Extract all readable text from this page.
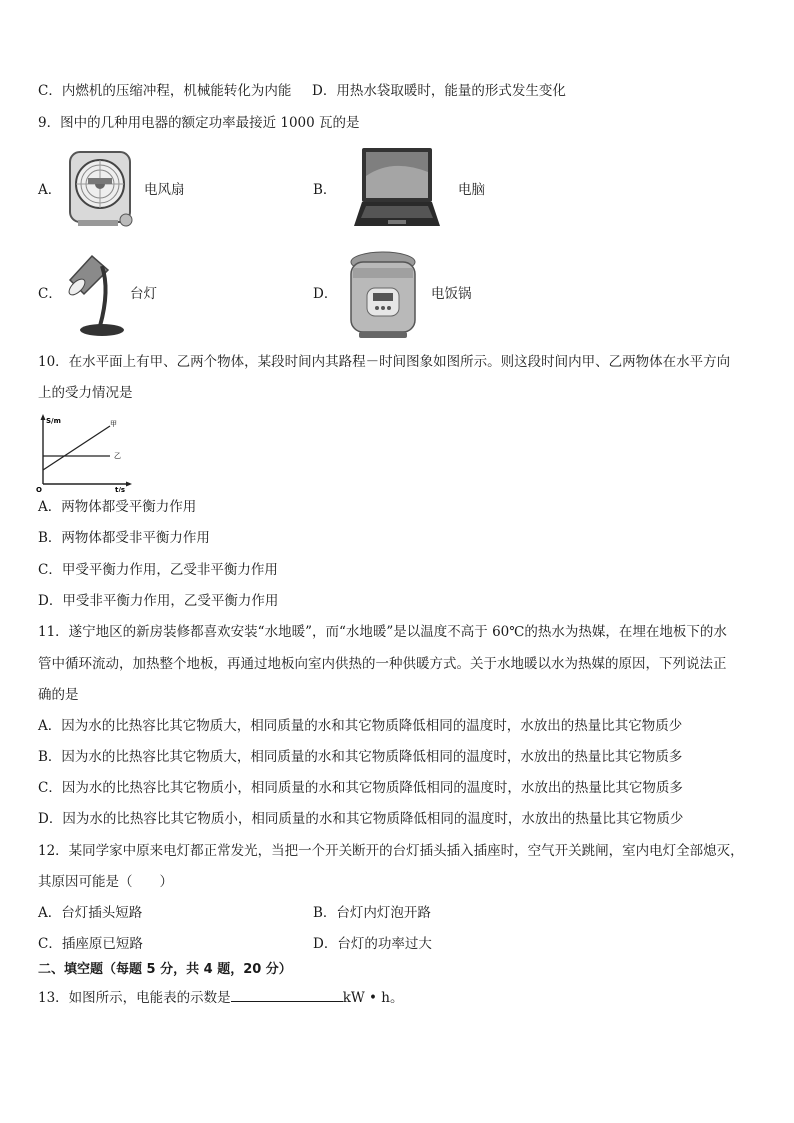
C．内燃机的压缩冲程，机械能转化为内能 D．用热水袋取暖时，能量的形式发生变化
9．图中的几种用电器的额定功率最接近 1000 瓦的是
A．	电风扇	B．	电脑
C．	台灯	D．	电饭锅
10．在水平面上有甲、乙两个物体，某段时间内其路程－时间图象如图所示。则这段时间内甲、乙两物体在水平方向
上的受力情况是
S/m
t/s
O
甲
乙
A．两物体都受平衡力作用
B．两物体都受非平衡力作用
C．甲受平衡力作用，乙受非平衡力作用
D．甲受非平衡力作用，乙受平衡力作用
11．遂宁地区的新房装修都喜欢安装“水地暖”，而“水地暖”是以温度不高于 60℃的热水为热媒，在埋在地板下的水
管中循环流动，加热整个地板，再通过地板向室内供热的一种供暖方式。关于水地暖以水为热媒的原因，下列说法正
确的是
A．因为水的比热容比其它物质大，相同质量的水和其它物质降低相同的温度时，水放出的热量比其它物质少
B．因为水的比热容比其它物质大，相同质量的水和其它物质降低相同的温度时，水放出的热量比其它物质多
C．因为水的比热容比其它物质小，相同质量的水和其它物质降低相同的温度时，水放出的热量比其它物质多
D．因为水的比热容比其它物质小，相同质量的水和其它物质降低相同的温度时，水放出的热量比其它物质少
12．某同学家中原来电灯都正常发光，当把一个开关断开的台灯插头插入插座时，空气开关跳闸，室内电灯全部熄灭，
其原因可能是（　　）
A．台灯插头短路	B．台灯内灯泡开路
C．插座原已短路	D．台灯的功率过大
二、填空题（每题 5 分，共 4 题，20 分）
13．如图所示，电能表的示数是	kW • h。
